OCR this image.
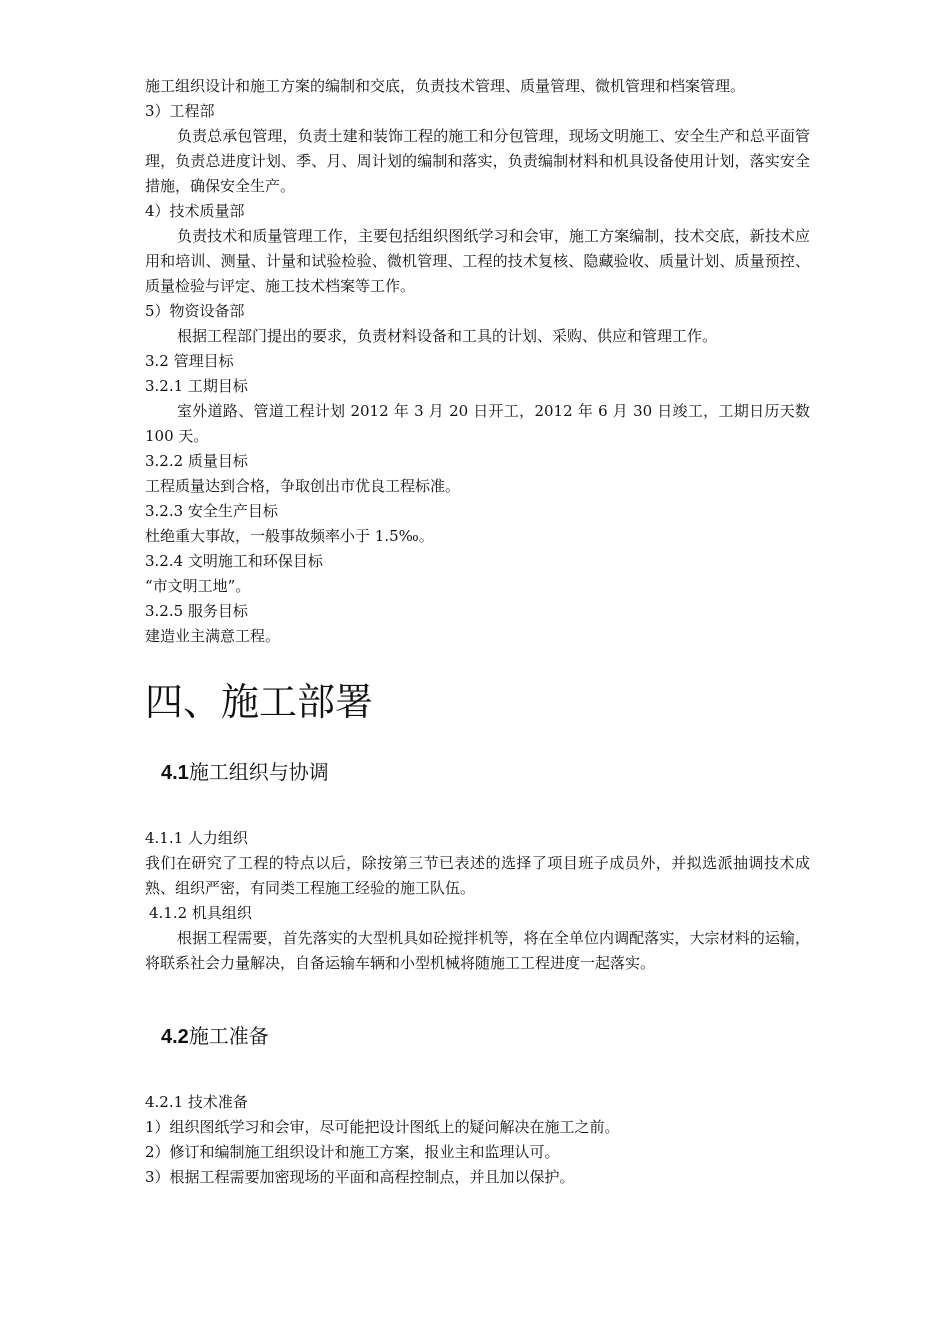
施工组织设计和施工方案的编制和交底，负责技术管理、质量管理、微机管理和档案管理。
3）工程部
负责总承包管理，负责土建和装饰工程的施工和分包管理，现场文明施工、安全生产和总平面管理，负责总进度计划、季、月、周计划的编制和落实，负责编制材料和机具设备使用计划，落实安全措施，确保安全生产。
4）技术质量部
负责技术和质量管理工作，主要包括组织图纸学习和会审，施工方案编制，技术交底，新技术应用和培训、测量、计量和试验检验、微机管理、工程的技术复核、隐藏验收、质量计划、质量预控、质量检验与评定、施工技术档案等工作。
5）物资设备部
根据工程部门提出的要求，负责材料设备和工具的计划、采购、供应和管理工作。
3.2 管理目标
3.2.1 工期目标
室外道路、管道工程计划 2012 年 3 月 20 日开工，2012 年 6 月 30 日竣工，工期日历天数 100 天。
3.2.2 质量目标
工程质量达到合格，争取创出市优良工程标准。
3.2.3 安全生产目标
杜绝重大事故，一般事故频率小于 1.5‰。
3.2.4 文明施工和环保目标
“市文明工地”。
3.2.5 服务目标
建造业主满意工程。
四、施工部署
4.1施工组织与协调
4.1.1 人力组织
我们在研究了工程的特点以后，除按第三节已表述的选择了项目班子成员外，并拟选派抽调技术成熟、组织严密，有同类工程施工经验的施工队伍。
4.1.2 机具组织
根据工程需要，首先落实的大型机具如砼搅拌机等，将在全单位内调配落实，大宗材料的运输，将联系社会力量解决，自备运输车辆和小型机械将随施工工程进度一起落实。
4.2施工准备
4.2.1 技术准备
1）组织图纸学习和会审，尽可能把设计图纸上的疑问解决在施工之前。
2）修订和编制施工组织设计和施工方案，报业主和监理认可。
3）根据工程需要加密现场的平面和高程控制点，并且加以保护。
